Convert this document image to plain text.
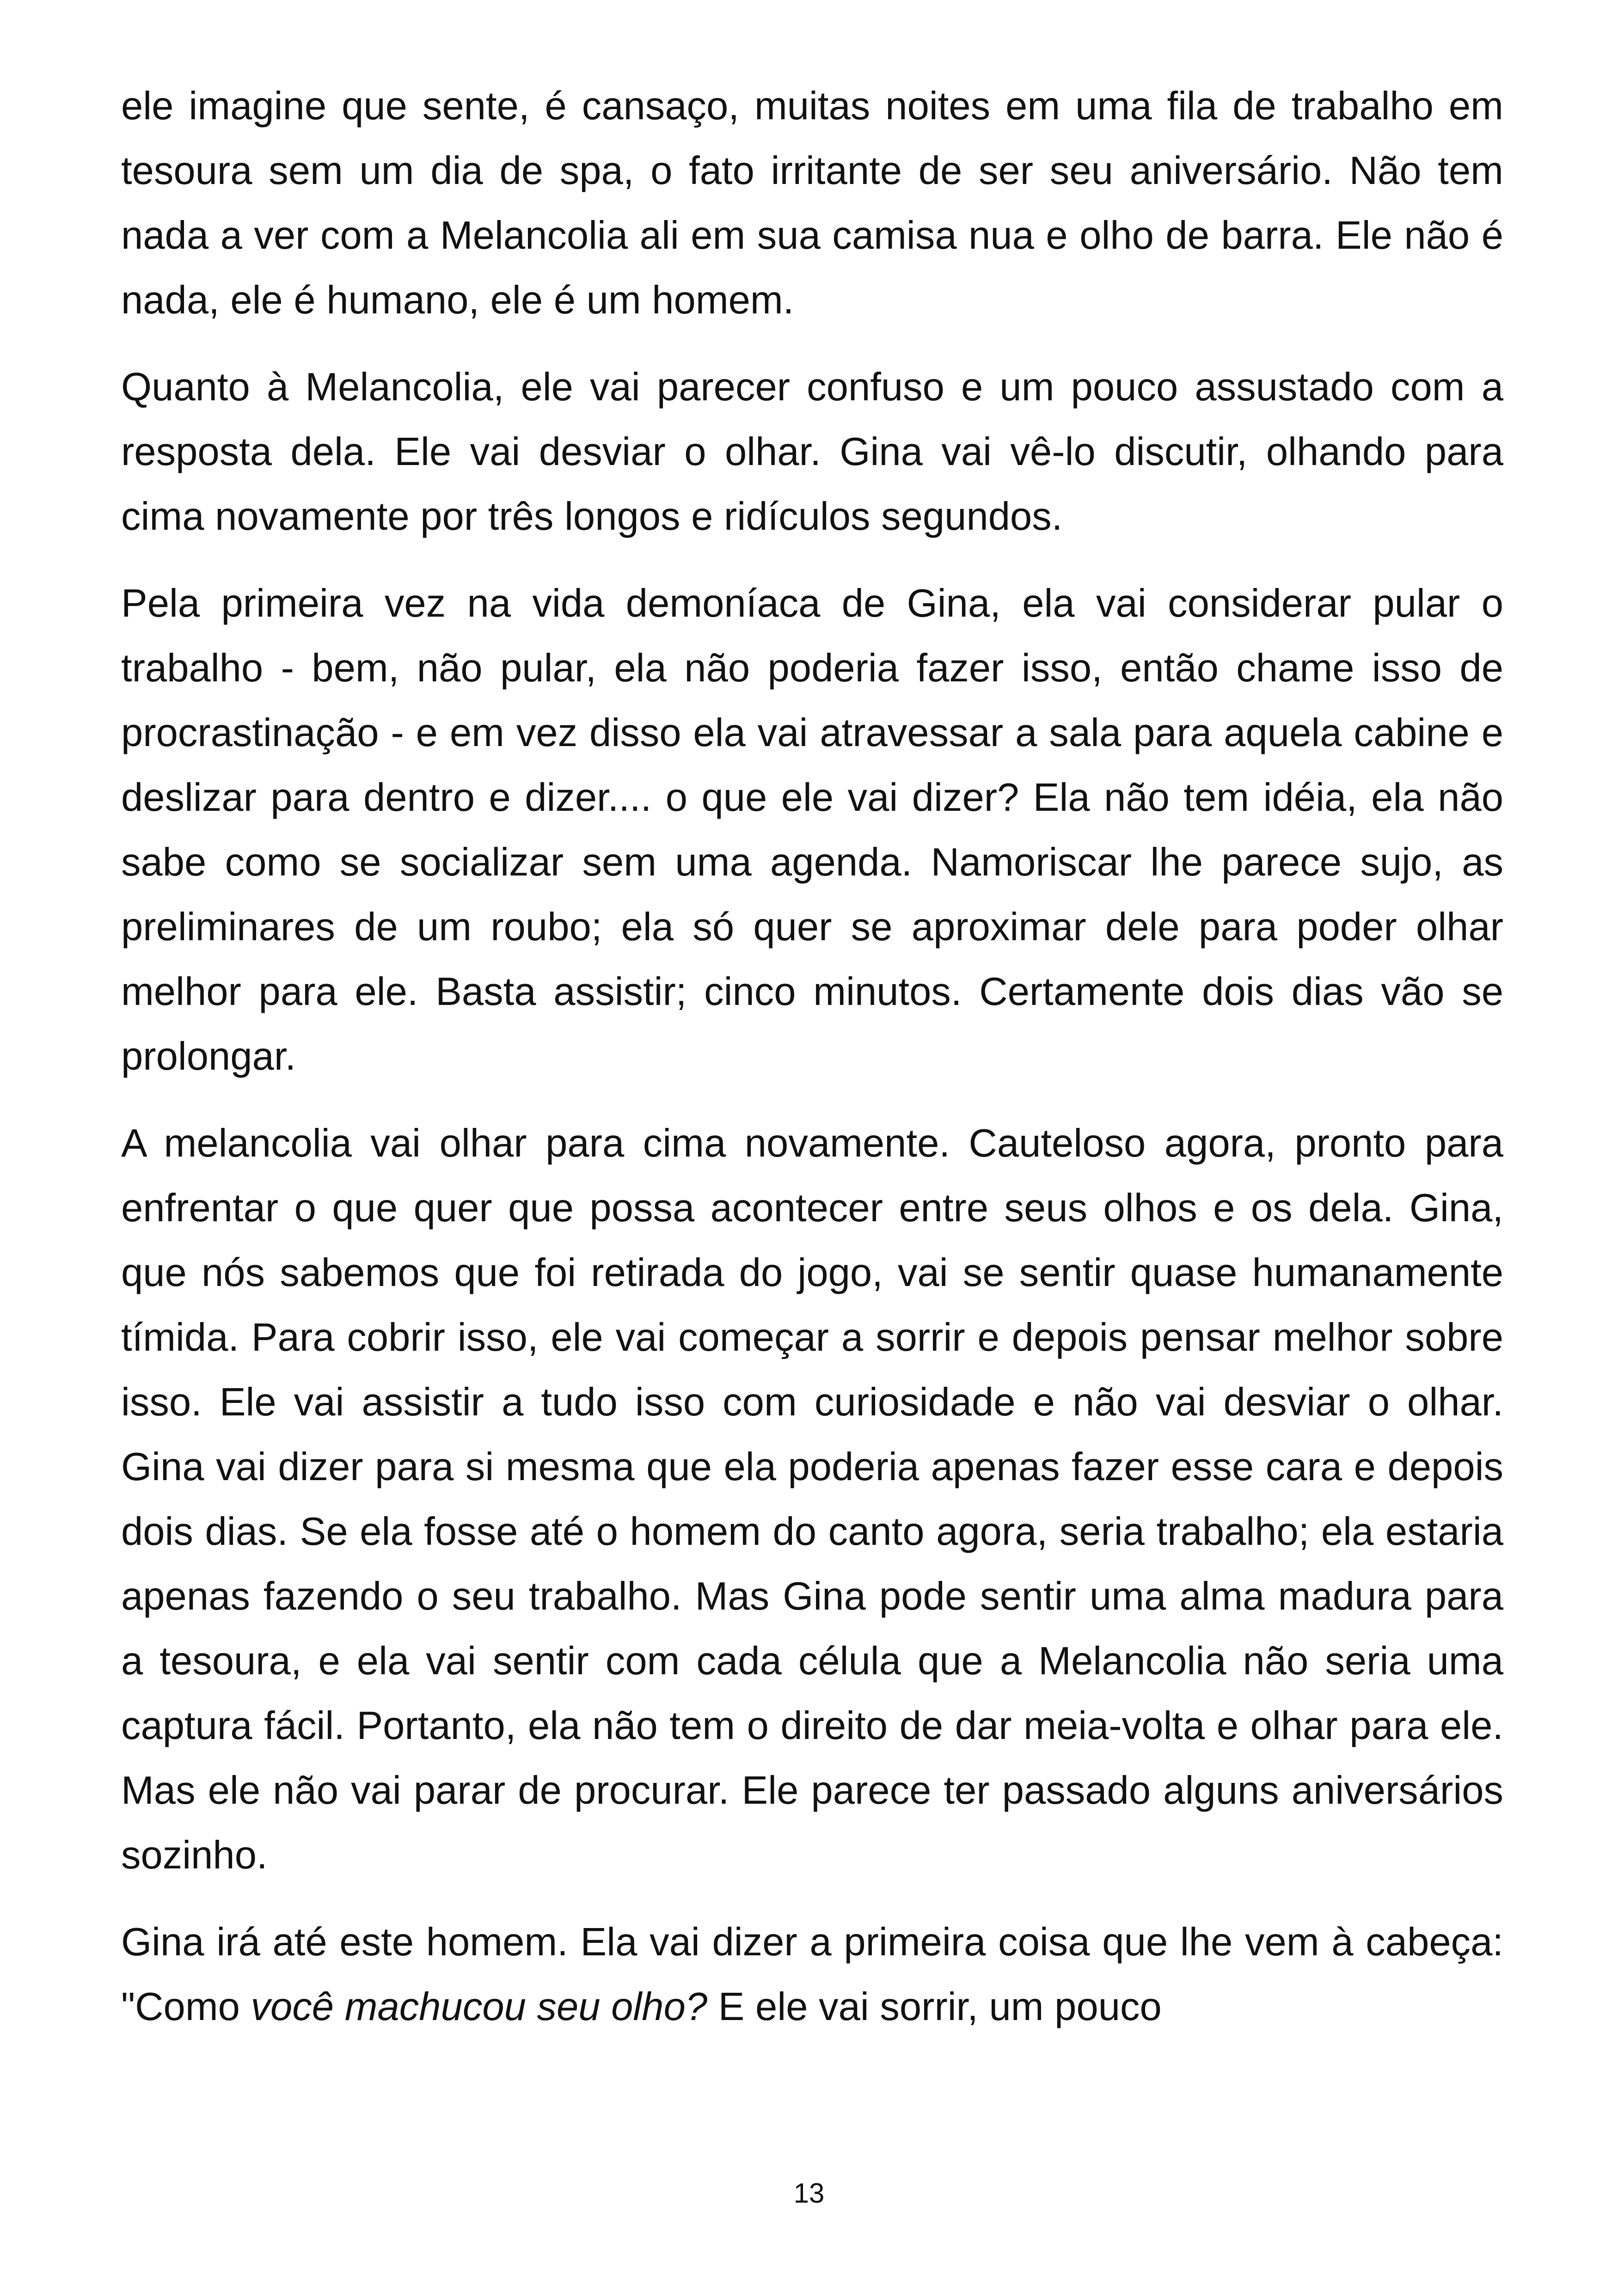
ele imagine que sente, é cansaço, muitas noites em uma fila de trabalho em tesoura sem um dia de spa, o fato irritante de ser seu aniversário. Não tem nada a ver com a Melancolia ali em sua camisa nua e olho de barra. Ele não é nada, ele é humano, ele é um homem.

Quanto à Melancolia, ele vai parecer confuso e um pouco assustado com a resposta dela. Ele vai desviar o olhar. Gina vai vê-lo discutir, olhando para cima novamente por três longos e ridículos segundos.

Pela primeira vez na vida demoníaca de Gina, ela vai considerar pular o trabalho - bem, não pular, ela não poderia fazer isso, então chame isso de procrastinação - e em vez disso ela vai atravessar a sala para aquela cabine e deslizar para dentro e dizer.... o que ele vai dizer? Ela não tem idéia, ela não sabe como se socializar sem uma agenda. Namoriscar lhe parece sujo, as preliminares de um roubo; ela só quer se aproximar dele para poder olhar melhor para ele. Basta assistir; cinco minutos. Certamente dois dias vão se prolongar.

A melancolia vai olhar para cima novamente. Cauteloso agora, pronto para enfrentar o que quer que possa acontecer entre seus olhos e os dela. Gina, que nós sabemos que foi retirada do jogo, vai se sentir quase humanamente tímida. Para cobrir isso, ele vai começar a sorrir e depois pensar melhor sobre isso. Ele vai assistir a tudo isso com curiosidade e não vai desviar o olhar. Gina vai dizer para si mesma que ela poderia apenas fazer esse cara e depois dois dias. Se ela fosse até o homem do canto agora, seria trabalho; ela estaria apenas fazendo o seu trabalho. Mas Gina pode sentir uma alma madura para a tesoura, e ela vai sentir com cada célula que a Melancolia não seria uma captura fácil. Portanto, ela não tem o direito de dar meia-volta e olhar para ele. Mas ele não vai parar de procurar. Ele parece ter passado alguns aniversários sozinho.

Gina irá até este homem. Ela vai dizer a primeira coisa que lhe vem à cabeça: "Como você machucou seu olho? E ele vai sorrir, um pouco

13
